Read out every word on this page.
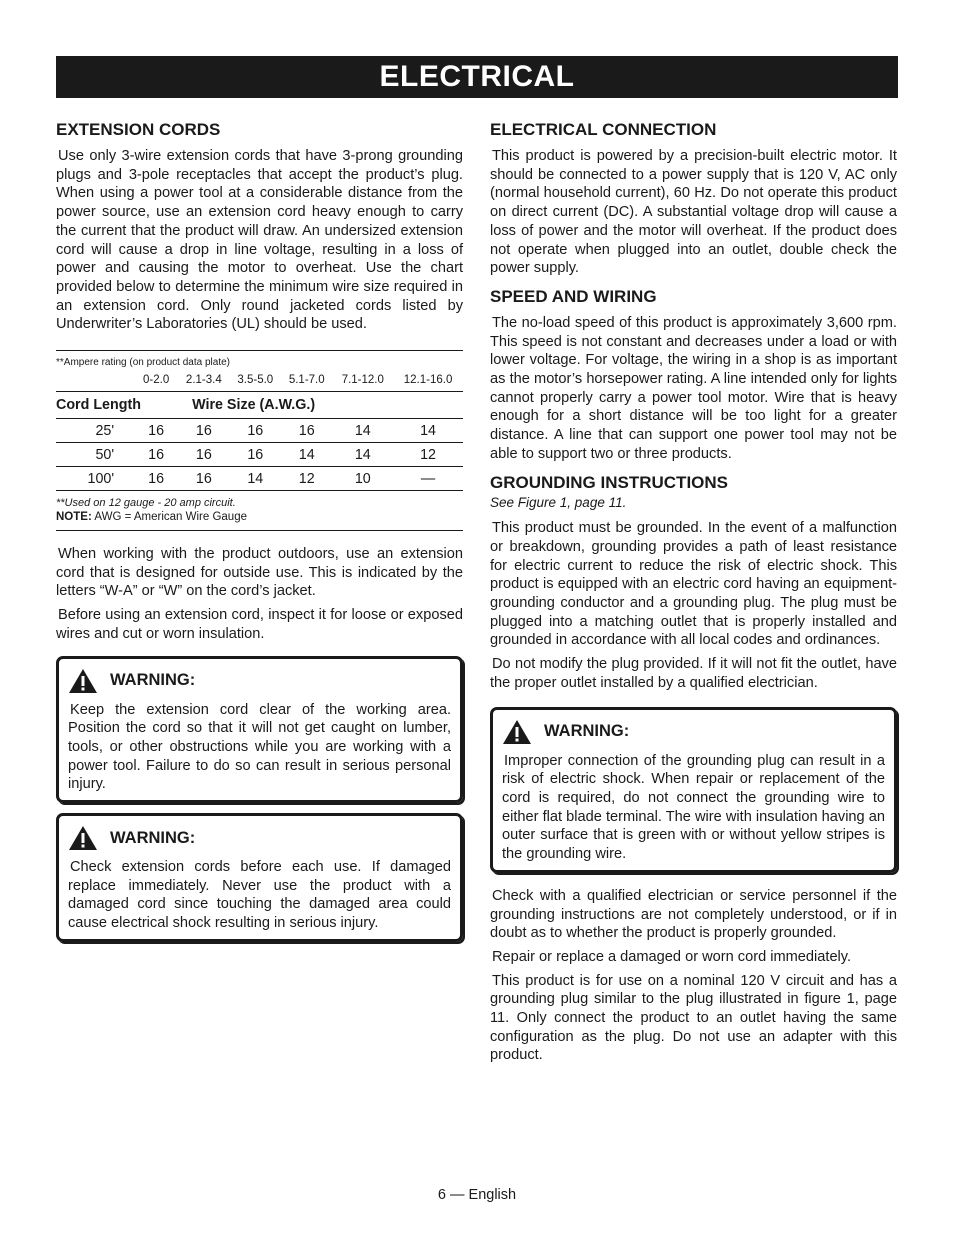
ELECTRICAL
EXTENSION CORDS

Use only 3-wire extension cords that have 3-prong grounding plugs and 3-pole receptacles that accept the product’s plug. When using a power tool at a considerable distance from the power source, use an extension cord heavy enough to carry the current that the product will draw. An undersized extension cord will cause a drop in line voltage, resulting in a loss of power and causing the motor to overheat. Use the chart provided below to determine the minimum wire size required in an extension cord. Only round jacketed cords listed by Underwriter’s Laboratories (UL) should be used.

**Ampere rating (on product data plate)
	0-2.0	2.1-3.4	3.5-5.0	5.1-7.0	7.1-12.0	12.1-16.0
Cord Length		Wire Size (A.W.G.)				
25'	16	16	16	16	14	14
50'	16	16	16	14	14	12
100'	16	16	14	12	10	—
**Used on 12 gauge - 20 amp circuit.
NOTE: AWG = American Wire Gauge

When working with the product outdoors, use an extension cord that is designed for outside use. This is indicated by the letters “W-A” or “W” on the cord’s jacket.

Before using an extension cord, inspect it for loose or exposed wires and cut or worn insulation.

WARNING:

Keep the extension cord clear of the working area. Position the cord so that it will not get caught on lumber, tools, or other obstructions while you are working with a power tool. Failure to do so can result in serious personal injury.

WARNING:

Check extension cords before each use. If damaged replace immediately. Never use the product with a damaged cord since touching the damaged area could cause electrical shock resulting in serious injury.

ELECTRICAL CONNECTION

This product is powered by a precision-built electric motor. It should be connected to a power supply that is 120 V, AC only (normal household current), 60 Hz. Do not operate this product on direct current (DC). A substantial voltage drop will cause a loss of power and the motor will overheat. If the product does not operate when plugged into an outlet, double check the power supply.

SPEED AND WIRING

The no-load speed of this product is approximately 3,600 rpm. This speed is not constant and decreases under a load or with lower voltage. For voltage, the wiring in a shop is as important as the motor’s horsepower rating. A line intended only for lights cannot properly carry a power tool motor. Wire that is heavy enough for a short distance will be too light for a greater distance. A line that can support one power tool may not be able to support two or three products.

GROUNDING INSTRUCTIONS

See Figure 1, page 11.

This product must be grounded. In the event of a malfunction or breakdown, grounding provides a path of least resistance for electric current to reduce the risk of electric shock. This product is equipped with an electric cord having an equipment-grounding conductor and a grounding plug. The plug must be plugged into a matching outlet that is properly installed and grounded in accordance with all local codes and ordinances.

Do not modify the plug provided. If it will not fit the outlet, have the proper outlet installed by a qualified electrician.

WARNING:

Improper connection of the grounding plug can result in a risk of electric shock. When repair or replacement of the cord is required, do not connect the grounding wire to either flat blade terminal. The wire with insulation having an outer surface that is green with or without yellow stripes is the grounding wire.

Check with a qualified electrician or service personnel if the grounding instructions are not completely understood, or if in doubt as to whether the product is properly grounded.

Repair or replace a damaged or worn cord immediately.

This product is for use on a nominal 120 V circuit and has a grounding plug similar to the plug illustrated in figure 1, page 11. Only connect the product to an outlet having the same configuration as the plug. Do not use an adapter with this product.

6 — English
